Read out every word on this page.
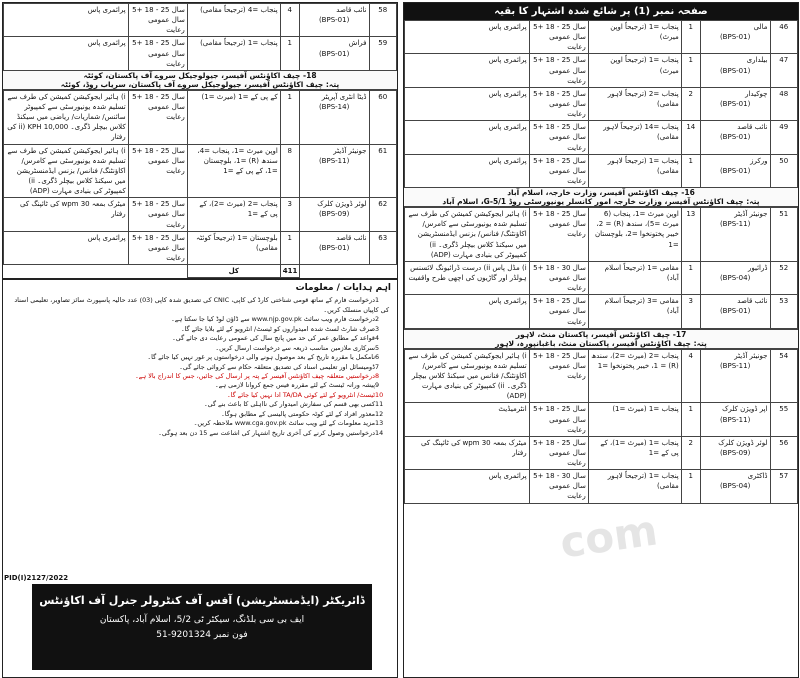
صفحہ نمبر (1) پر شائع شدہ اشتہار کا بقیہ
پرائمری پاس	سال 25 - 18 +5 سال عمومی رعایت	پنجاب =1 (ترجیحاً اوپن میرٹ)	1	مالی
(BPS-01)	46
پرائمری پاس	سال 25 - 18 +5 سال عمومی رعایت	پنجاب =1 (ترجیحاً اوپن میرٹ)	1	بیلداری
(BPS-01)	47
پرائمری پاس	سال 25 - 18 +5 سال عمومی رعایت	پنجاب =2 (ترجیحاً لاہور مقامی)	2	چوکیدار
(BPS-01)	48
پرائمری پاس	سال 25 - 18 +5 سال عمومی رعایت	پنجاب =14 (ترجیحاً لاہور مقامی)	14	نائب قاصد
(BPS-01)	49
پرائمری پاس	سال 25 - 18 +5 سال عمومی رعایت	پنجاب =1 (ترجیحاً لاہور مقامی)	1	ورکرز
(BPS-01)	50
16- چیف اکاؤنٹس آفیسر، وزارت خارجہ، اسلام آباد
پتہ: چیف اکاؤنٹس آفیسر، وزارت خارجہ امور کانسلر یونیورسٹی روڈ G-5/1، اسلام آباد
i) ہائیر ایجوکیشن کمیشن کی طرف سے تسلیم شدہ یونیورسٹی سے کامرس/ اکاؤنٹنگ/ فنانس/ بزنس ایڈمنسٹریشن میں سیکنڈ کلاس بیچلر ڈگری۔ ii) کمپیوٹر کی بنیادی مہارت (ADP)	سال 25 - 18 +5 سال عمومی رعایت	اوپن میرٹ =1، پنجاب (6 میرٹ =5)، سندھ (R) = 2، خیبر پختونخوا =2، بلوچستان =1	13	جونیئر آڈیٹر
(BPS-11)	51
i) مڈل پاس ii) درست ڈرائیونگ لائسنس ہولڈر اور گاڑیوں کی اچھی طرح واقفیت	سال 30 - 18 +5 سال عمومی رعایت	مقامی =1 (ترجیحاً اسلام آباد)	1	ڈرائیور
(BPS-04)	52
پرائمری پاس	سال 25 - 18 +5 سال عمومی رعایت	مقامی =3 (ترجیحاً اسلام آباد)	3	نائب قاصد
(BPS-01)	53
17- چیف اکاؤنٹس آفیسر، پاکستان منٹ، لاہور
پتہ: چیف اکاؤنٹس آفیسر، پاکستان منٹ، باغبانپورہ، لاہور
i) ہائیر ایجوکیشن کمیشن کی طرف سے تسلیم شدہ یونیورسٹی سے کامرس/ اکاؤنٹنگ/ فنانس میں سیکنڈ کلاس بیچلر ڈگری۔ ii) کمپیوٹر کی بنیادی مہارت (ADP)	سال 25 - 18 +5 سال عمومی رعایت	پنجاب =2 (میرٹ =2)، سندھ (R) = 1، خیبر پختونخوا =1	4	جونیئر آڈیٹر
(BPS-11)	54
انٹرمیڈیٹ	سال 25 - 18 +5 سال عمومی رعایت	پنجاب =1 (میرٹ =1)	1	اپر ڈویژن کلرک
(BPS-11)	55
میٹرک بمعہ wpm 30 کی ٹائپنگ کی رفتار	سال 25 - 18 +5 سال عمومی رعایت	پنجاب =1 (میرٹ =1)، کے پی کے =1	2	لوئر ڈویژن کلرک
(BPS-09)	56
پرائمری پاس	سال 30 - 18 +5 سال عمومی رعایت	پنجاب =1 (ترجیحاً لاہور مقامی)	1	ڈاکٹری
(BPS-04)	57
com
پرائمری پاس	سال 25 - 18 +5 سال عمومی رعایت	پنجاب =4 (ترجیحاً مقامی)	4	نائب قاصد
(BPS-01)	58
پرائمری پاس	سال 25 - 18 +5 سال عمومی رعایت	پنجاب =1 (ترجیحاً مقامی)	1	فراش
(BPS-01)	59
18- چیف اکاؤنٹس آفیسر، جیولوجیکل سروے آف پاکستان، کوئٹہ
پتہ: چیف اکاؤنٹس آفیسر، جیولوجیکل سروے آف پاکستان، سریاب روڈ، کوئٹہ
i) ہائیر ایجوکیشن کمیشن کی طرف سے تسلیم شدہ یونیورسٹی سے کمپیوٹر سائنس/ شماریات/ ریاضی میں سیکنڈ کلاس بیچلر ڈگری۔ ii) KPH 10,000 کی رفتار	سال 25 - 18 +5 سال عمومی رعایت	کے پی کے =1 (میرٹ =1)	1	ڈیٹا انٹری آپریٹر
(BPS-14)	60
i) ہائیر ایجوکیشن کمیشن کی طرف سے تسلیم شدہ یونیورسٹی سے کامرس/ اکاؤنٹنگ/ فنانس/ بزنس ایڈمنسٹریشن میں سیکنڈ کلاس بیچلر ڈگری۔ ii) کمپیوٹر کی بنیادی مہارت (ADP)	سال 25 - 18 +5 سال عمومی رعایت	اوپن میرٹ =1، پنجاب =4، سندھ (R) =1، بلوچستان =1، کے پی کے =1	8	جونیئر آڈیٹر
(BPS-11)	61
میٹرک بمعہ wpm 30 کی ٹائپنگ کی رفتار	سال 25 - 18 +5 سال عمومی رعایت	پنجاب =2 (میرٹ =2)، کے پی کے =1	3	لوئر ڈویژن کلرک
(BPS-09)	62
پرائمری پاس	سال 25 - 18 +5 سال عمومی رعایت	بلوچستان =1 (ترجیحاً کوئٹہ مقامی)	1	نائب قاصد
(BPS-01)	63
		کل	411		
اہم ہدایات / معلومات
1درخواست فارم کے ساتھ قومی شناختی کارڈ کی کاپی، CNIC کی تصدیق شدہ کاپی (03) عدد حالیہ پاسپورٹ سائز تصاویر، تعلیمی اسناد کی کاپیاں منسلک کریں۔
2درخواست فارم ویب سائٹ www.njp.gov.pk سے ڈاؤن لوڈ کیا جا سکتا ہے۔
3صرف شارٹ لسٹ شدہ امیدواروں کو ٹیسٹ/ انٹرویو کے لئے بلایا جائے گا۔
4قواعد کے مطابق عمر کی حد میں پانچ سال کی عمومی رعایت دی جائے گی۔
5سرکاری ملازمین مناسب ذریعہ سے درخواست ارسال کریں۔
6نامکمل یا مقررہ تاریخ کے بعد موصول ہونے والی درخواستوں پر غور نہیں کیا جائے گا۔
7ڈومیسائل اور تعلیمی اسناد کی تصدیق متعلقہ حکام سے کروائی جائے گی۔
8درخواستیں متعلقہ چیف اکاؤنٹس آفیسر کے پتہ پر ارسال کی جائیں، جس کا اندراج بالا ہے۔
9پیشہ ورانہ ٹیسٹ کے لئے مقررہ فیس جمع کروانا لازمی ہے۔
10ٹیسٹ/ انٹرویو کے لئے کوئی TA/DA ادا نہیں کیا جائے گا۔
11کسی بھی قسم کی سفارش امیدوار کی نااہلی کا باعث بنے گی۔
12معذور افراد کے لئے کوٹہ حکومتی پالیسی کے مطابق ہوگا۔
13مزید معلومات کے لئے ویب سائٹ www.cga.gov.pk ملاحظہ کریں۔
14درخواستیں وصول کرنے کی آخری تاریخ اشتہار کی اشاعت سے 15 دن بعد ہوگی۔
PID(I)2127/2022
ڈائریکٹر (ایڈمنسٹریشن) آفس آف کنٹرولر جنرل آف اکاؤنٹس
ایف بی سی بلڈنگ، سیکٹر ٹی 5/2، اسلام آباد، پاکستان
فون نمبر 9201324-51
